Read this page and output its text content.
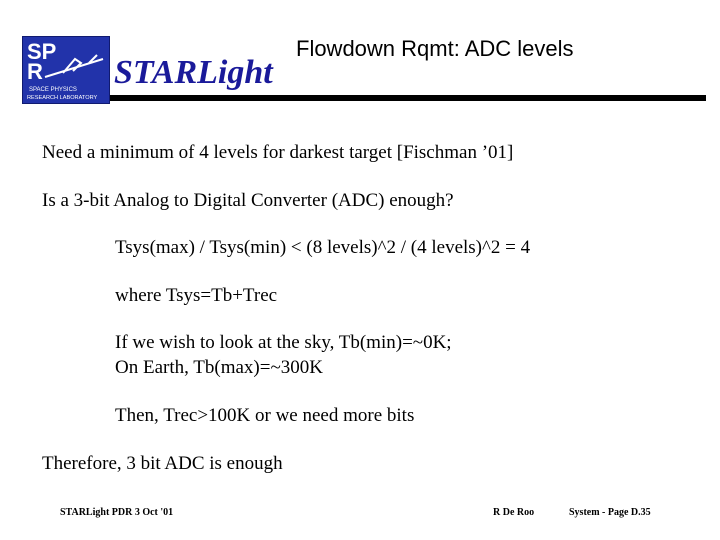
SP
R
SPACE PHYSICS
RESEARCH LABORATORY
STARLight
Flowdown Rqmt: ADC levels
Need a minimum of 4 levels for darkest target [Fischman ’01]
Is a 3-bit Analog to Digital Converter (ADC) enough?
Tsys(max) / Tsys(min) < (8 levels)^2 / (4 levels)^2 = 4
where Tsys=Tb+Trec
If we wish to look at the sky, Tb(min)=~0K;
On Earth, Tb(max)=~300K
Then, Trec>100K or we need more bits
Therefore, 3 bit ADC is enough
STARLight PDR 3 Oct '01	R De Roo	System - Page D.35
